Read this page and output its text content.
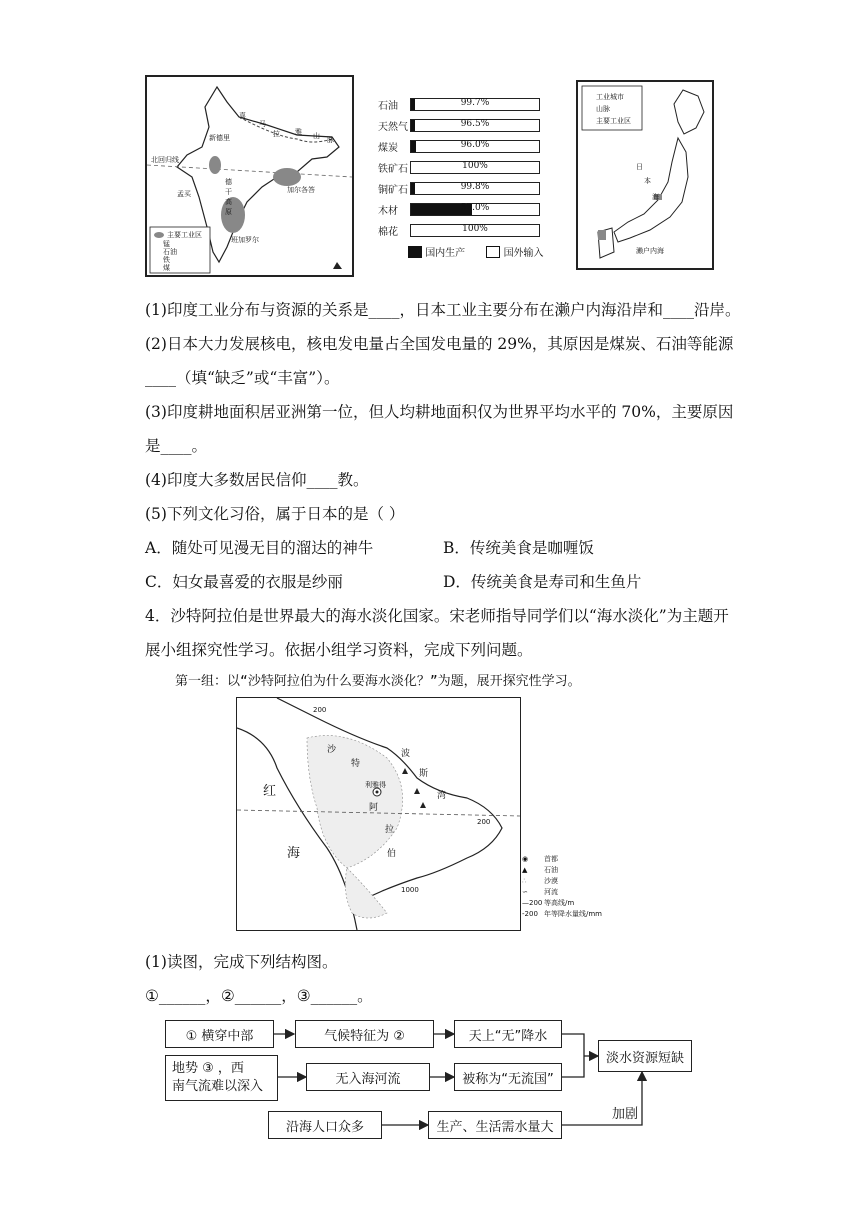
新德里
孟买
德干高原
加尔各答
班加罗尔
北回归线
喜
马
拉 雅 山 脉
主要工业区
锰
石油
铁
煤
石油	99.7%
天然气	96.5%
煤炭	96.0%
铁矿石	100%
铜矿石	99.8%
木材	52.0%
棉花	100%
国内生产	国外输入
工业城市
山脉
主要工业区
日
本
海
濑户内海
(1)印度工业分布与资源的关系是____，日本工业主要分布在濑户内海沿岸和____沿岸。
(2)日本大力发展核电，核电发电量占全国发电量的 29%，其原因是煤炭、石油等能源
____（填“缺乏”或“丰富”）。
(3)印度耕地面积居亚洲第一位，但人均耕地面积仅为世界平均水平的 70%，主要原因
是____。
(4)印度大多数居民信仰____教。
(5)下列文化习俗，属于日本的是（ ）
A．随处可见漫无目的溜达的神牛	B．传统美食是咖喱饭
C．妇女最喜爱的衣服是纱丽	D．传统美食是寿司和生鱼片
4．沙特阿拉伯是世界最大的海水淡化国家。宋老师指导同学们以“海水淡化”为主题开
展小组探究性学习。依据小组学习资料，完成下列问题。
第一组：以“沙特阿拉伯为什么要海水淡化？”为题，展开探究性学习。
红
海
沙
特
阿
拉
伯
利雅得
波
斯
湾
200
200
1000
◉ 首都
▲ 石油
∴	沙漠
∽ 河流
—200 等高线/m
-200 年等降水量线/mm
(1)读图，完成下列结构图。
①______，②______，③______。
① 横穿中部	气候特征为 ②	天上“无”降水
地势 ③ ，西
南气流难以深入	无入海河流	被称为“无流国”
淡水资源短缺
沿海人口众多	生产、生活需水量大
加剧
